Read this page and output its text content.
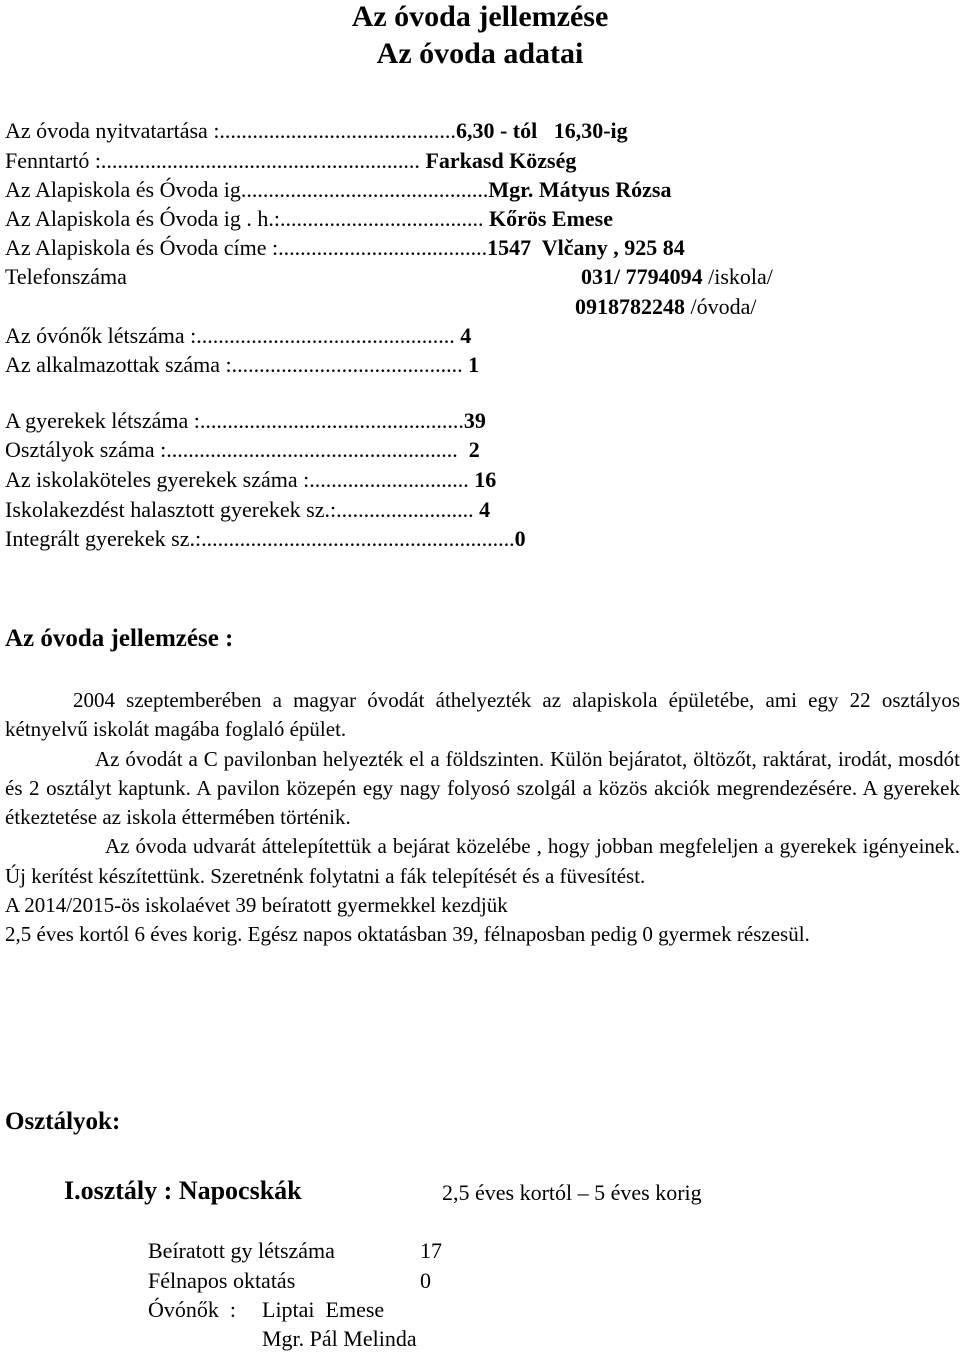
Az óvoda jellemzése
Az óvoda adatai
Az óvoda nyitvatartása :...........................................6,30 - tól   16,30-ig
Fenntartó :.......................................................... Farkasd Község
Az Alapiskola és Óvoda ig.............................................Mgr. Mátyus Rózsa
Az Alapiskola és Óvoda ig . h.:..................................... Kőrös Emese
Az Alapiskola és Óvoda címe :......................................1547  Vlčany , 925 84
Telefonszáma	031/ 7794094 /iskola/
0918782248 /óvoda/
Az óvónők létszáma :............................................... 4
Az alkalmazottak száma :.......................................... 1
A gyerekek létszáma :................................................39
Osztályok száma :.....................................................  2
Az iskolaköteles gyerekek száma :............................. 16
Iskolakezdést halasztott gyerekek sz.:......................... 4
Integrált gyerekek sz.:.........................................................0
Az óvoda jellemzése :

2004 szeptemberében a magyar óvodát áthelyezték az alapiskola épületébe, ami egy 22 osztályos kétnyelvű iskolát magába foglaló épület.

Az óvodát a C pavilonban helyezték el a földszinten. Külön bejáratot, öltözőt, raktárat, irodát, mosdót és 2 osztályt kaptunk. A pavilon közepén egy nagy folyosó szolgál a közös akciók megrendezésére. A gyerekek étkeztetése az iskola éttermében történik.

Az óvoda udvarát áttelepítettük a bejárat közelébe , hogy jobban megfeleljen a gyerekek igényeinek. Új kerítést készítettünk. Szeretnénk folytatni a fák telepítését és a füvesítést.

A 2014/2015-ös iskolaévet 39 beíratott gyermekkel kezdjük

2,5 éves kortól 6 éves korig. Egész napos oktatásban 39, félnaposban pedig 0 gyermek részesül.

Osztályok:
I.osztály : Napocskák	2,5 éves kortól – 5 éves korig
Beíratott gy létszáma	17
Félnapos oktatás	0
Óvónők  : Liptai  Emese
Mgr. Pál Melinda
